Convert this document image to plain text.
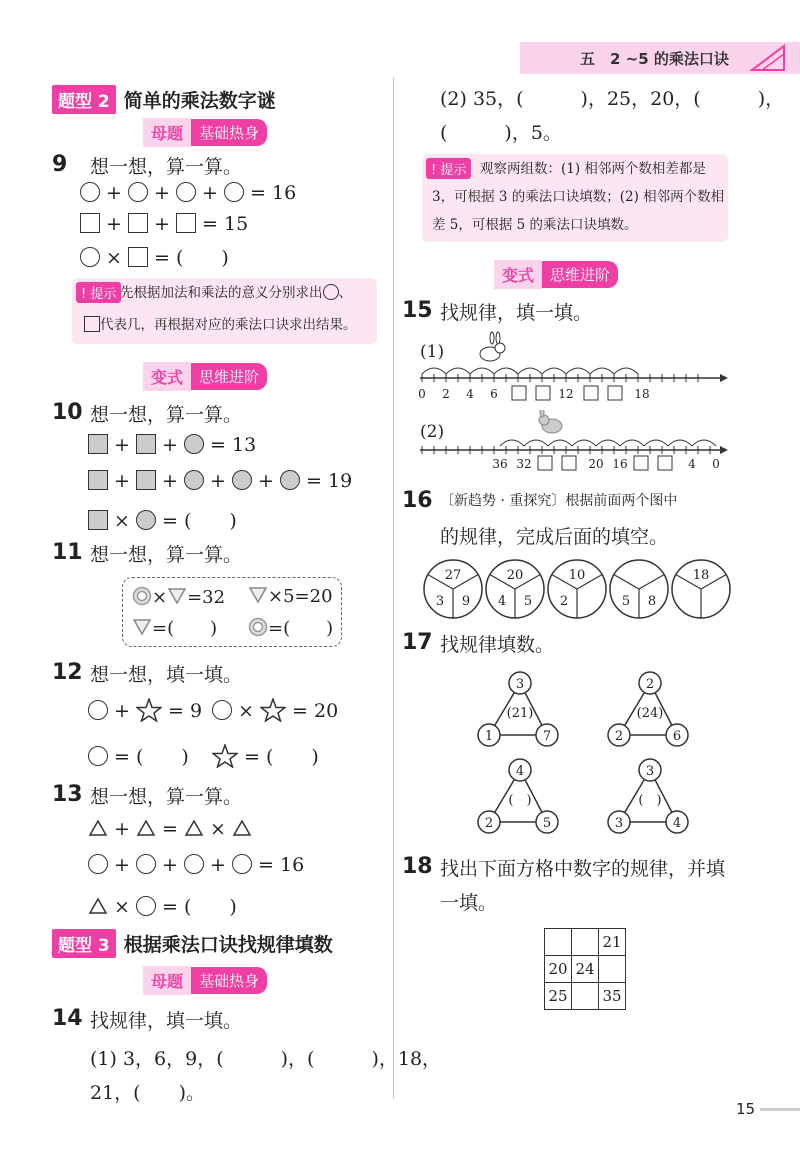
五　2 ~5 的乘法口诀
题型 2 简单的乘法数字谜
母题	基础热身
9 想一想，算一算。
+  +  +  = 16
+  +  = 15
×  = (　　)
! 提示 先根据加法和乘法的意义分别求出 、
代表几，再根据对应的乘法口诀求出结果。
变式	思维进阶
10 想一想，算一算。
+  +  = 13
+  +  +  +  = 19
×  = (　　)
11 想一想，算一算。
× =32	×5=20
=(　　)	=(　　)
12 想一想，填一填。
+  = 9	×  = 20
= (　　)	= (　　)
13 想一想，算一算。
+  =  ×
+  +  +  = 16
×  = (　　)
题型 3 根据乘法口诀找规律填数
母题	基础热身
14 找规律，填一填。
(1) 3，6，9，(　　　)，(　　　)，18，
21，(　　)。
(2) 35，(　　　)，25，20，(　　　)，
(　　　)，5。
! 提示	观察两组数：(1) 相邻两个数相差都是
3，可根据 3 的乘法口诀填数；(2) 相邻两个数相
差 5，可根据 5 的乘法口诀填数。
变式	思维进阶
15 找规律，填一填。
(1)
0 2 4 6	12	18
(2)
36 32	20 16	4 0
16 〔新趋势 · 重探究〕根据前面两个图中
的规律，完成后面的填空。
27
3 9
20
4 5
10
2	5 8
18
17 找规律填数。
3
1	7
(21)
2
2	6
(24)
4
2	5
(　)
3
3	4
(　)
18 找出下面方格中数字的规律，并填
一填。
		21
20	24	
25		35
15
